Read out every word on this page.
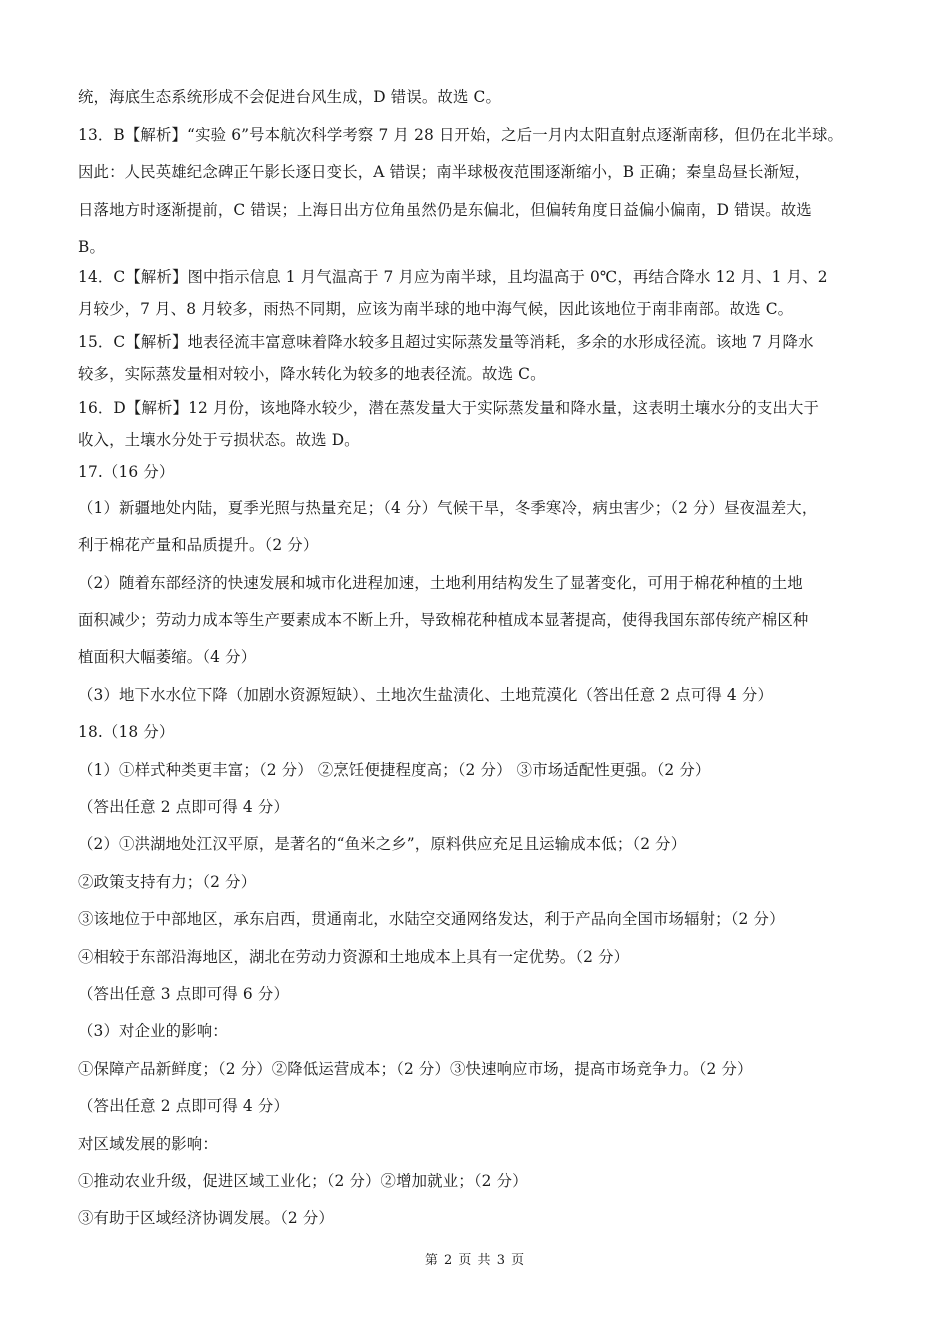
统，海底生态系统形成不会促进台风生成，D 错误。故选 C。
13．B【解析】“实验 6”号本航次科学考察 7 月 28 日开始，之后一月内太阳直射点逐渐南移，但仍在北半球。
因此：人民英雄纪念碑正午影长逐日变长，A 错误；南半球极夜范围逐渐缩小，B 正确；秦皇岛昼长渐短，
日落地方时逐渐提前，C 错误；上海日出方位角虽然仍是东偏北，但偏转角度日益偏小偏南，D 错误。故选
B。
14．C【解析】图中指示信息 1 月气温高于 7 月应为南半球，且均温高于 0℃，再结合降水 12 月、1 月、2
月较少，7 月、8 月较多，雨热不同期，应该为南半球的地中海气候，因此该地位于南非南部。故选 C。
15．C【解析】地表径流丰富意味着降水较多且超过实际蒸发量等消耗，多余的水形成径流。该地 7 月降水
较多，实际蒸发量相对较小，降水转化为较多的地表径流。故选 C。
16．D【解析】12 月份，该地降水较少，潜在蒸发量大于实际蒸发量和降水量，这表明土壤水分的支出大于
收入，土壤水分处于亏损状态。故选 D。
17.（16 分）
（1）新疆地处内陆，夏季光照与热量充足；（4 分）气候干旱，冬季寒冷，病虫害少；（2 分）昼夜温差大，
利于棉花产量和品质提升。（2 分）
（2）随着东部经济的快速发展和城市化进程加速，土地利用结构发生了显著变化，可用于棉花种植的土地
面积减少；劳动力成本等生产要素成本不断上升，导致棉花种植成本显著提高，使得我国东部传统产棉区种
植面积大幅萎缩。（4 分）
（3）地下水水位下降（加剧水资源短缺）、土地次生盐渍化、土地荒漠化（答出任意 2 点可得 4 分）
18.（18 分）
（1）①样式种类更丰富；（2 分） ②烹饪便捷程度高；（2 分） ③市场适配性更强。（2 分）
（答出任意 2 点即可得 4 分）
（2）①洪湖地处江汉平原，是著名的“鱼米之乡”，原料供应充足且运输成本低；（2 分）
②政策支持有力；（2 分）
③该地位于中部地区，承东启西，贯通南北，水陆空交通网络发达，利于产品向全国市场辐射；（2 分）
④相较于东部沿海地区，湖北在劳动力资源和土地成本上具有一定优势。（2 分）
（答出任意 3 点即可得 6 分）
（3）对企业的影响：
①保障产品新鲜度；（2 分）②降低运营成本；（2 分）③快速响应市场，提高市场竞争力。（2 分）
（答出任意 2 点即可得 4 分）
对区域发展的影响：
①推动农业升级，促进区域工业化；（2 分）②增加就业；（2 分）
③有助于区域经济协调发展。（2 分）
第 2 页 共 3 页
